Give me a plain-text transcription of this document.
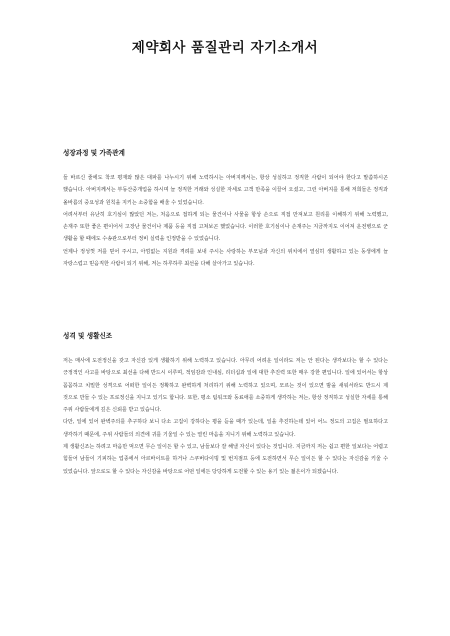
제약회사 품질관리 자기소개서
성장과정 및 가족관계

들 바르신 줄에도 착코 평재와 많은 대파를 나누시기 위해 노력하시는 아버지께서는, 항상 성실하고 정직한 사람이 되어야 한다고 말씀하시곤 했습니다. 아버지께서는 부동산중개업을 하시며 늘 정직한 거래와 성실한 자세로 고객 만족을 이끌어 오셨고, 그런 아버지를 통해 저희들은 정직과 올바름의 중요성과 원칙을 지키는 소중함을 배울 수 있었습니다.

어려서부터 유난히 호기심이 많았던 저는, 처음으로 접하게 되는 물건이나 사물을 항상 손으로 직접 만져보고 원리를 이해하기 위해 노력했고, 손재주 또한 좋은 편이어서 고장난 물건이나 제품 등을 직접 고쳐보곤 했었습니다. 이러한 호기심이나 손재주는 지금까지도 이어져 운전병으로 군 생활을 할 때에도 수송관으로부터 정비 실력을 인정받을 수 있었습니다.

언제나 정성껏 저를 믿어 주시고, 아낌없는 지원과 격려를 보내 주시는 사랑하는 부모님과 자신의 위치에서 열심히 생활하고 있는 동생에게 늘 자랑스럽고 믿음직한 사람이 되기 위해, 저는 하루하루 최선을 다해 살아가고 있습니다.

성격 및 생활신조

저는 매사에 도전정신을 갖고 자신감 있게 생활하기 위해 노력하고 있습니다. 아무리 어려운 일이라도 저는 안 된다는 생각보다는 할 수 있다는 긍정적인 사고를 바탕으로 최선을 다해 반드시 이루며, 적임감과 인내심, 리더십과 일에 대한 추진력 또한 매우 강한 편입니다. 일에 있어서는 항상 꼼꼼하고 치밀한 성격으로 어떠한 일이든 정확하고 완벽하게 처리하기 위해 노력하고 있으며, 모르는 것이 있으면 밤을 새워서라도 반드시 제 것으로 만들 수 있는 프로정신을 지니고 있기도 합니다. 또한, 평소 팀워크와 동료애를 소중하게 생각하는 저는, 항상 정직하고 성실한 자세를 통해 주위 사람들에게 깊은 신뢰를 받고 있습니다.

다만, 일에 있어 완벽주의를 추구하다 보니 다소 고집이 강하다는 평을 듣을 때가 있는데, 일을 추진하는데 있어 어느 정도의 고집은 필요하다고 생각하기 때문에, 주위 사람들의 의견에 귀를 기울일 수 있는 열린 마음을 지니기 위해 노력하고 있습니다.

제 생활신조는 하려고 마음만 먹으면 무슨 일이든 할 수 있고, 남들보다 잘 해낼 자신이 있다는 것입니다. 지금까지 저는 쉽고 편한 일보다는 어렵고 힘들어 남들이 기피하는 업종에서 아르바이트를 하거나 스쿠버다이빙 및 번지점프 등에 도전하면서 무슨 일이든 할 수 있다는 자신감을 키울 수 있었습니다. 앞으로도 할 수 있다는 자신감을 바탕으로 어떤 일에든 당당하게 도전할 수 있는 용기 있는 젊은이가 되겠습니다.
